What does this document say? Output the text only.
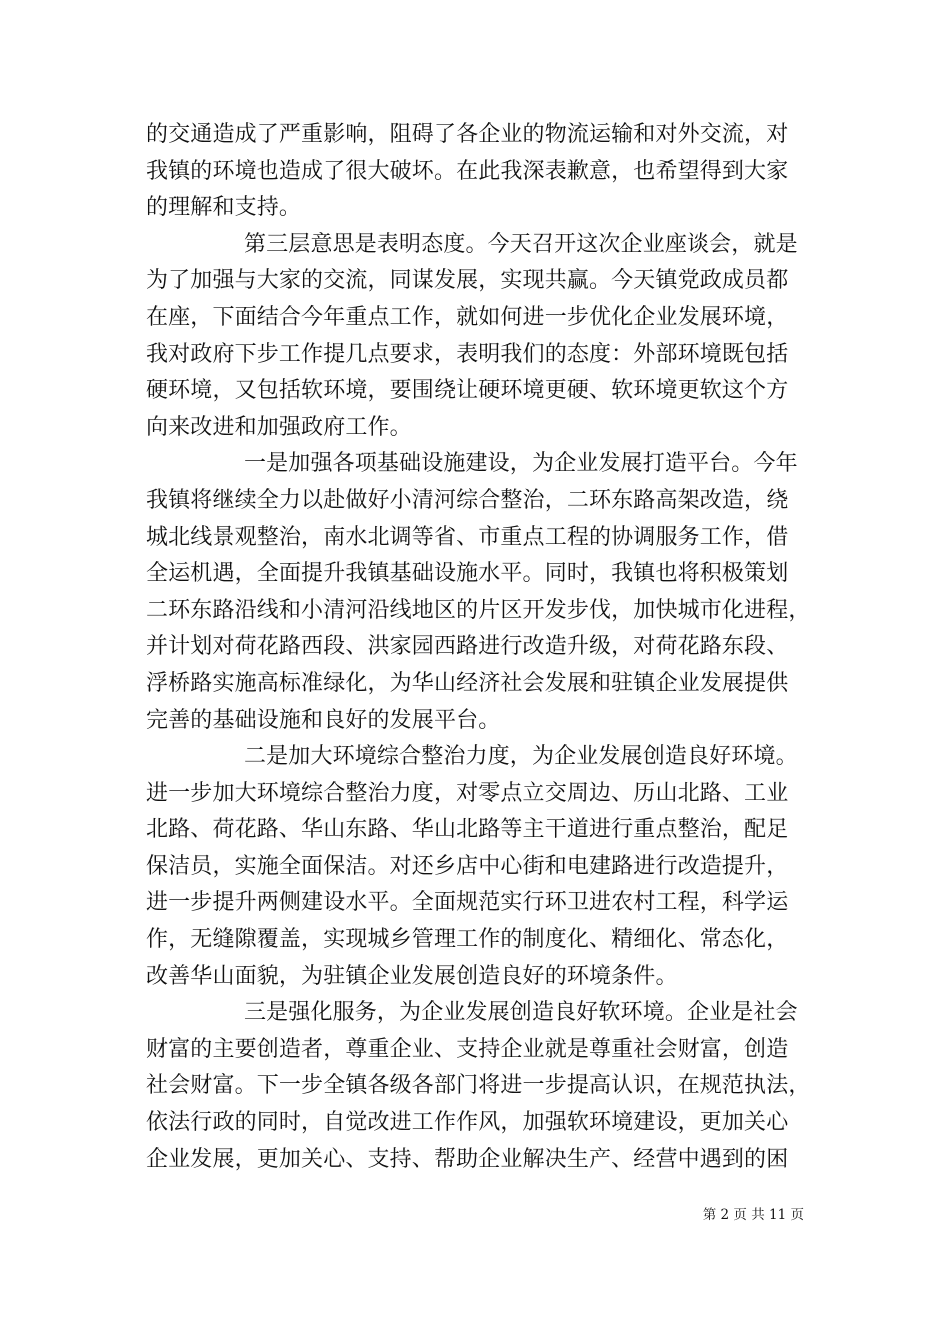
的交通造成了严重影响，阻碍了各企业的物流运输和对外交流，对
我镇的环境也造成了很大破坏。在此我深表歉意，也希望得到大家
的理解和支持。
第三层意思是表明态度。今天召开这次企业座谈会，就是
为了加强与大家的交流，同谋发展，实现共赢。今天镇党政成员都
在座，下面结合今年重点工作，就如何进一步优化企业发展环境，
我对政府下步工作提几点要求，表明我们的态度：外部环境既包括
硬环境，又包括软环境，要围绕让硬环境更硬、软环境更软这个方
向来改进和加强政府工作。
一是加强各项基础设施建设，为企业发展打造平台。今年
我镇将继续全力以赴做好小清河综合整治，二环东路高架改造，绕
城北线景观整治，南水北调等省、市重点工程的协调服务工作，借
全运机遇，全面提升我镇基础设施水平。同时，我镇也将积极策划
二环东路沿线和小清河沿线地区的片区开发步伐，加快城市化进程，
并计划对荷花路西段、洪家园西路进行改造升级，对荷花路东段、
浮桥路实施高标准绿化，为华山经济社会发展和驻镇企业发展提供
完善的基础设施和良好的发展平台。
二是加大环境综合整治力度，为企业发展创造良好环境。
进一步加大环境综合整治力度，对零点立交周边、历山北路、工业
北路、荷花路、华山东路、华山北路等主干道进行重点整治，配足
保洁员，实施全面保洁。对还乡店中心街和电建路进行改造提升，
进一步提升两侧建设水平。全面规范实行环卫进农村工程，科学运
作，无缝隙覆盖，实现城乡管理工作的制度化、精细化、常态化，
改善华山面貌，为驻镇企业发展创造良好的环境条件。
三是强化服务，为企业发展创造良好软环境。企业是社会
财富的主要创造者，尊重企业、支持企业就是尊重社会财富，创造
社会财富。下一步全镇各级各部门将进一步提高认识，在规范执法，
依法行政的同时，自觉改进工作作风，加强软环境建设，更加关心
企业发展，更加关心、支持、帮助企业解决生产、经营中遇到的困
第 2 页 共 11 页
